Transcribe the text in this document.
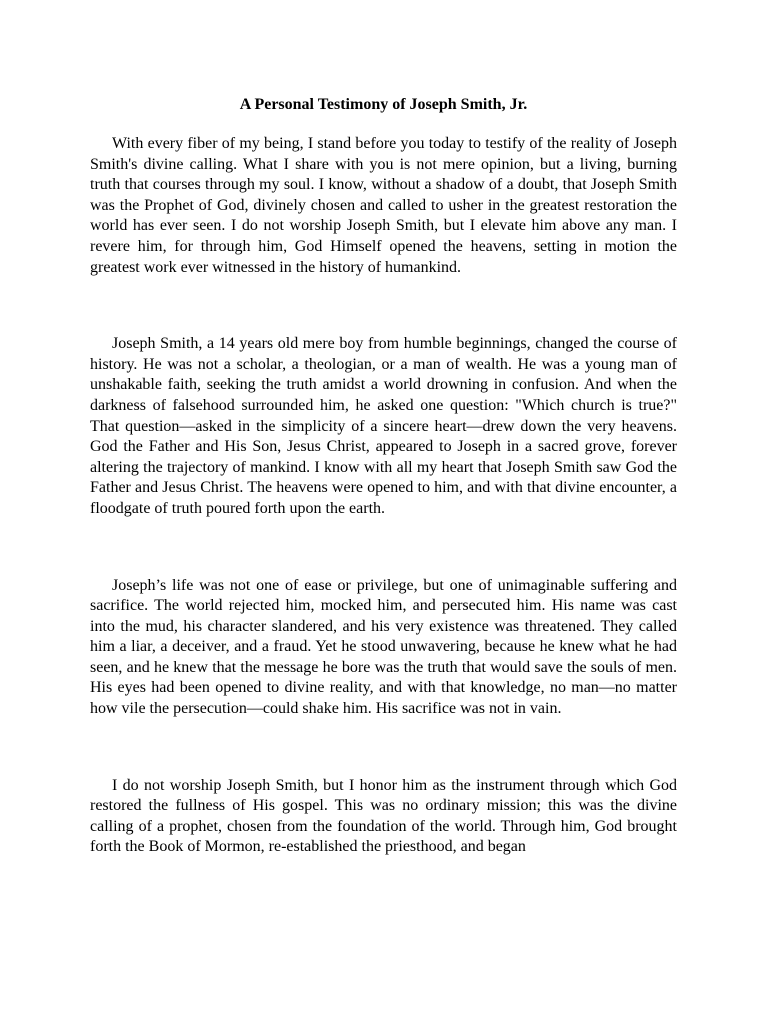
A Personal Testimony of Joseph Smith, Jr.

With every fiber of my being, I stand before you today to testify of the reality of Joseph Smith's divine calling. What I share with you is not mere opinion, but a living, burning truth that courses through my soul. I know, without a shadow of a doubt, that Joseph Smith was the Prophet of God, divinely chosen and called to usher in the greatest restoration the world has ever seen. I do not worship Joseph Smith, but I elevate him above any man. I revere him, for through him, God Himself opened the heavens, setting in motion the greatest work ever witnessed in the history of humankind.

Joseph Smith, a 14 years old mere boy from humble beginnings, changed the course of history. He was not a scholar, a theologian, or a man of wealth. He was a young man of unshakable faith, seeking the truth amidst a world drowning in confusion. And when the darkness of falsehood surrounded him, he asked one question: "Which church is true?" That question—asked in the simplicity of a sincere heart—drew down the very heavens. God the Father and His Son, Jesus Christ, appeared to Joseph in a sacred grove, forever altering the trajectory of mankind. I know with all my heart that Joseph Smith saw God the Father and Jesus Christ. The heavens were opened to him, and with that divine encounter, a floodgate of truth poured forth upon the earth.

Joseph’s life was not one of ease or privilege, but one of unimaginable suffering and sacrifice. The world rejected him, mocked him, and persecuted him. His name was cast into the mud, his character slandered, and his very existence was threatened. They called him a liar, a deceiver, and a fraud. Yet he stood unwavering, because he knew what he had seen, and he knew that the message he bore was the truth that would save the souls of men. His eyes had been opened to divine reality, and with that knowledge, no man—no matter how vile the persecution—could shake him. His sacrifice was not in vain.

I do not worship Joseph Smith, but I honor him as the instrument through which God restored the fullness of His gospel. This was no ordinary mission; this was the divine calling of a prophet, chosen from the foundation of the world. Through him, God brought forth the Book of Mormon, re-established the priesthood, and began
